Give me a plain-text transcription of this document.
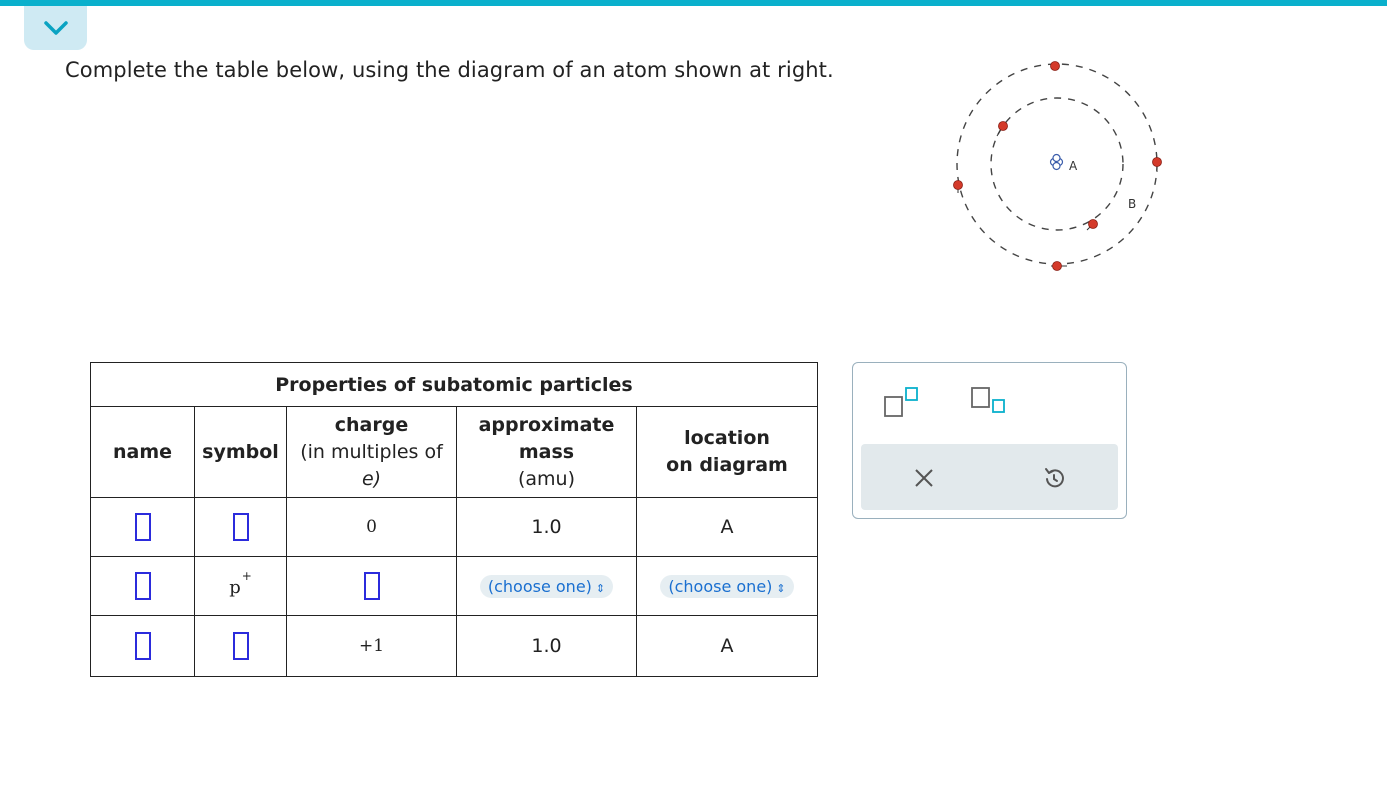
Complete the table below, using the diagram of an atom shown at right.
A
B
Properties of subatomic particles				
name	symbol	charge
(in multiples of
e)	approximate
mass
(amu)	location
on diagram
		0	1.0	A
	p+		(choose one) ⇕	(choose one) ⇕
		+1	1.0	A
